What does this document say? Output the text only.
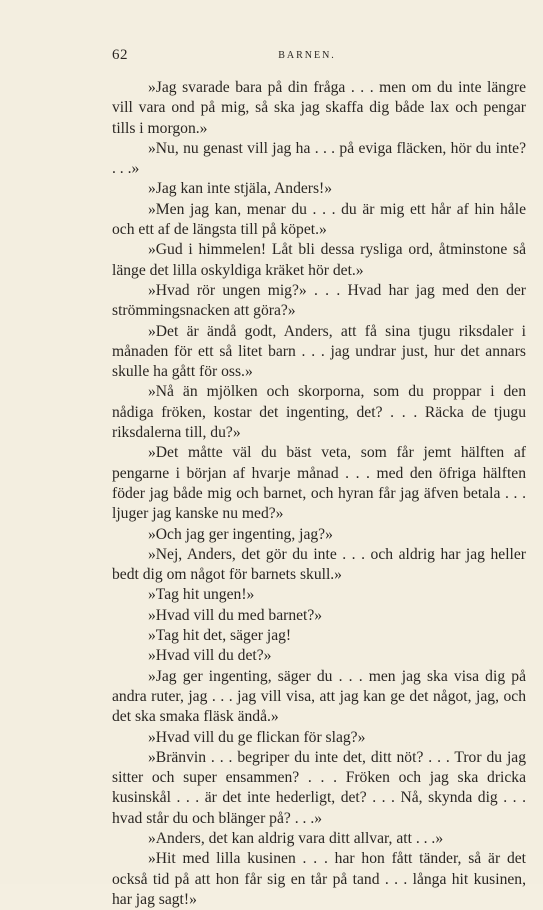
62	BARNEN.

»Jag svarade bara på din fråga . . . men om du inte längre vill vara ond på mig, så ska jag skaffa dig både lax och pengar tills i morgon.»

»Nu, nu genast vill jag ha . . . på eviga fläcken, hör du inte? . . .»

»Jag kan inte stjäla, Anders!»

»Men jag kan, menar du . . . du är mig ett hår af hin håle och ett af de längsta till på köpet.»

»Gud i himmelen! Låt bli dessa rysliga ord, åtminstone så länge det lilla oskyldiga kräket hör det.»

»Hvad rör ungen mig?» . . . Hvad har jag med den der strömmingsnacken att göra?»

»Det är ändå godt, Anders, att få sina tjugu riksdaler i månaden för ett så litet barn . . . jag undrar just, hur det annars skulle ha gått för oss.»

»Nå än mjölken och skorporna, som du proppar i den nådiga fröken, kostar det ingenting, det? . . . Räcka de tjugu riksdalerna till, du?»

»Det måtte väl du bäst veta, som får jemt hälften af pengarne i början af hvarje månad . . . med den öfriga hälften föder jag både mig och barnet, och hyran får jag äfven betala . . . ljuger jag kanske nu med?»

»Och jag ger ingenting, jag?»

»Nej, Anders, det gör du inte . . . och aldrig har jag heller bedt dig om något för barnets skull.»

»Tag hit ungen!»

»Hvad vill du med barnet?»

»Tag hit det, säger jag!

»Hvad vill du det?»

»Jag ger ingenting, säger du . . . men jag ska visa dig på andra ruter, jag . . . jag vill visa, att jag kan ge det något, jag, och det ska smaka fläsk ändå.»

»Hvad vill du ge flickan för slag?»

»Bränvin . . . begriper du inte det, ditt nöt? . . . Tror du jag sitter och super ensammen? . . . Fröken och jag ska dricka kusinskål . . . är det inte hederligt, det? . . . Nå, skynda dig . . . hvad står du och blänger på? . . .»

»Anders, det kan aldrig vara ditt allvar, att . . .»

»Hit med lilla kusinen . . . har hon fått tänder, så är det också tid på att hon får sig en tår på tand . . . långa hit kusinen, har jag sagt!»
